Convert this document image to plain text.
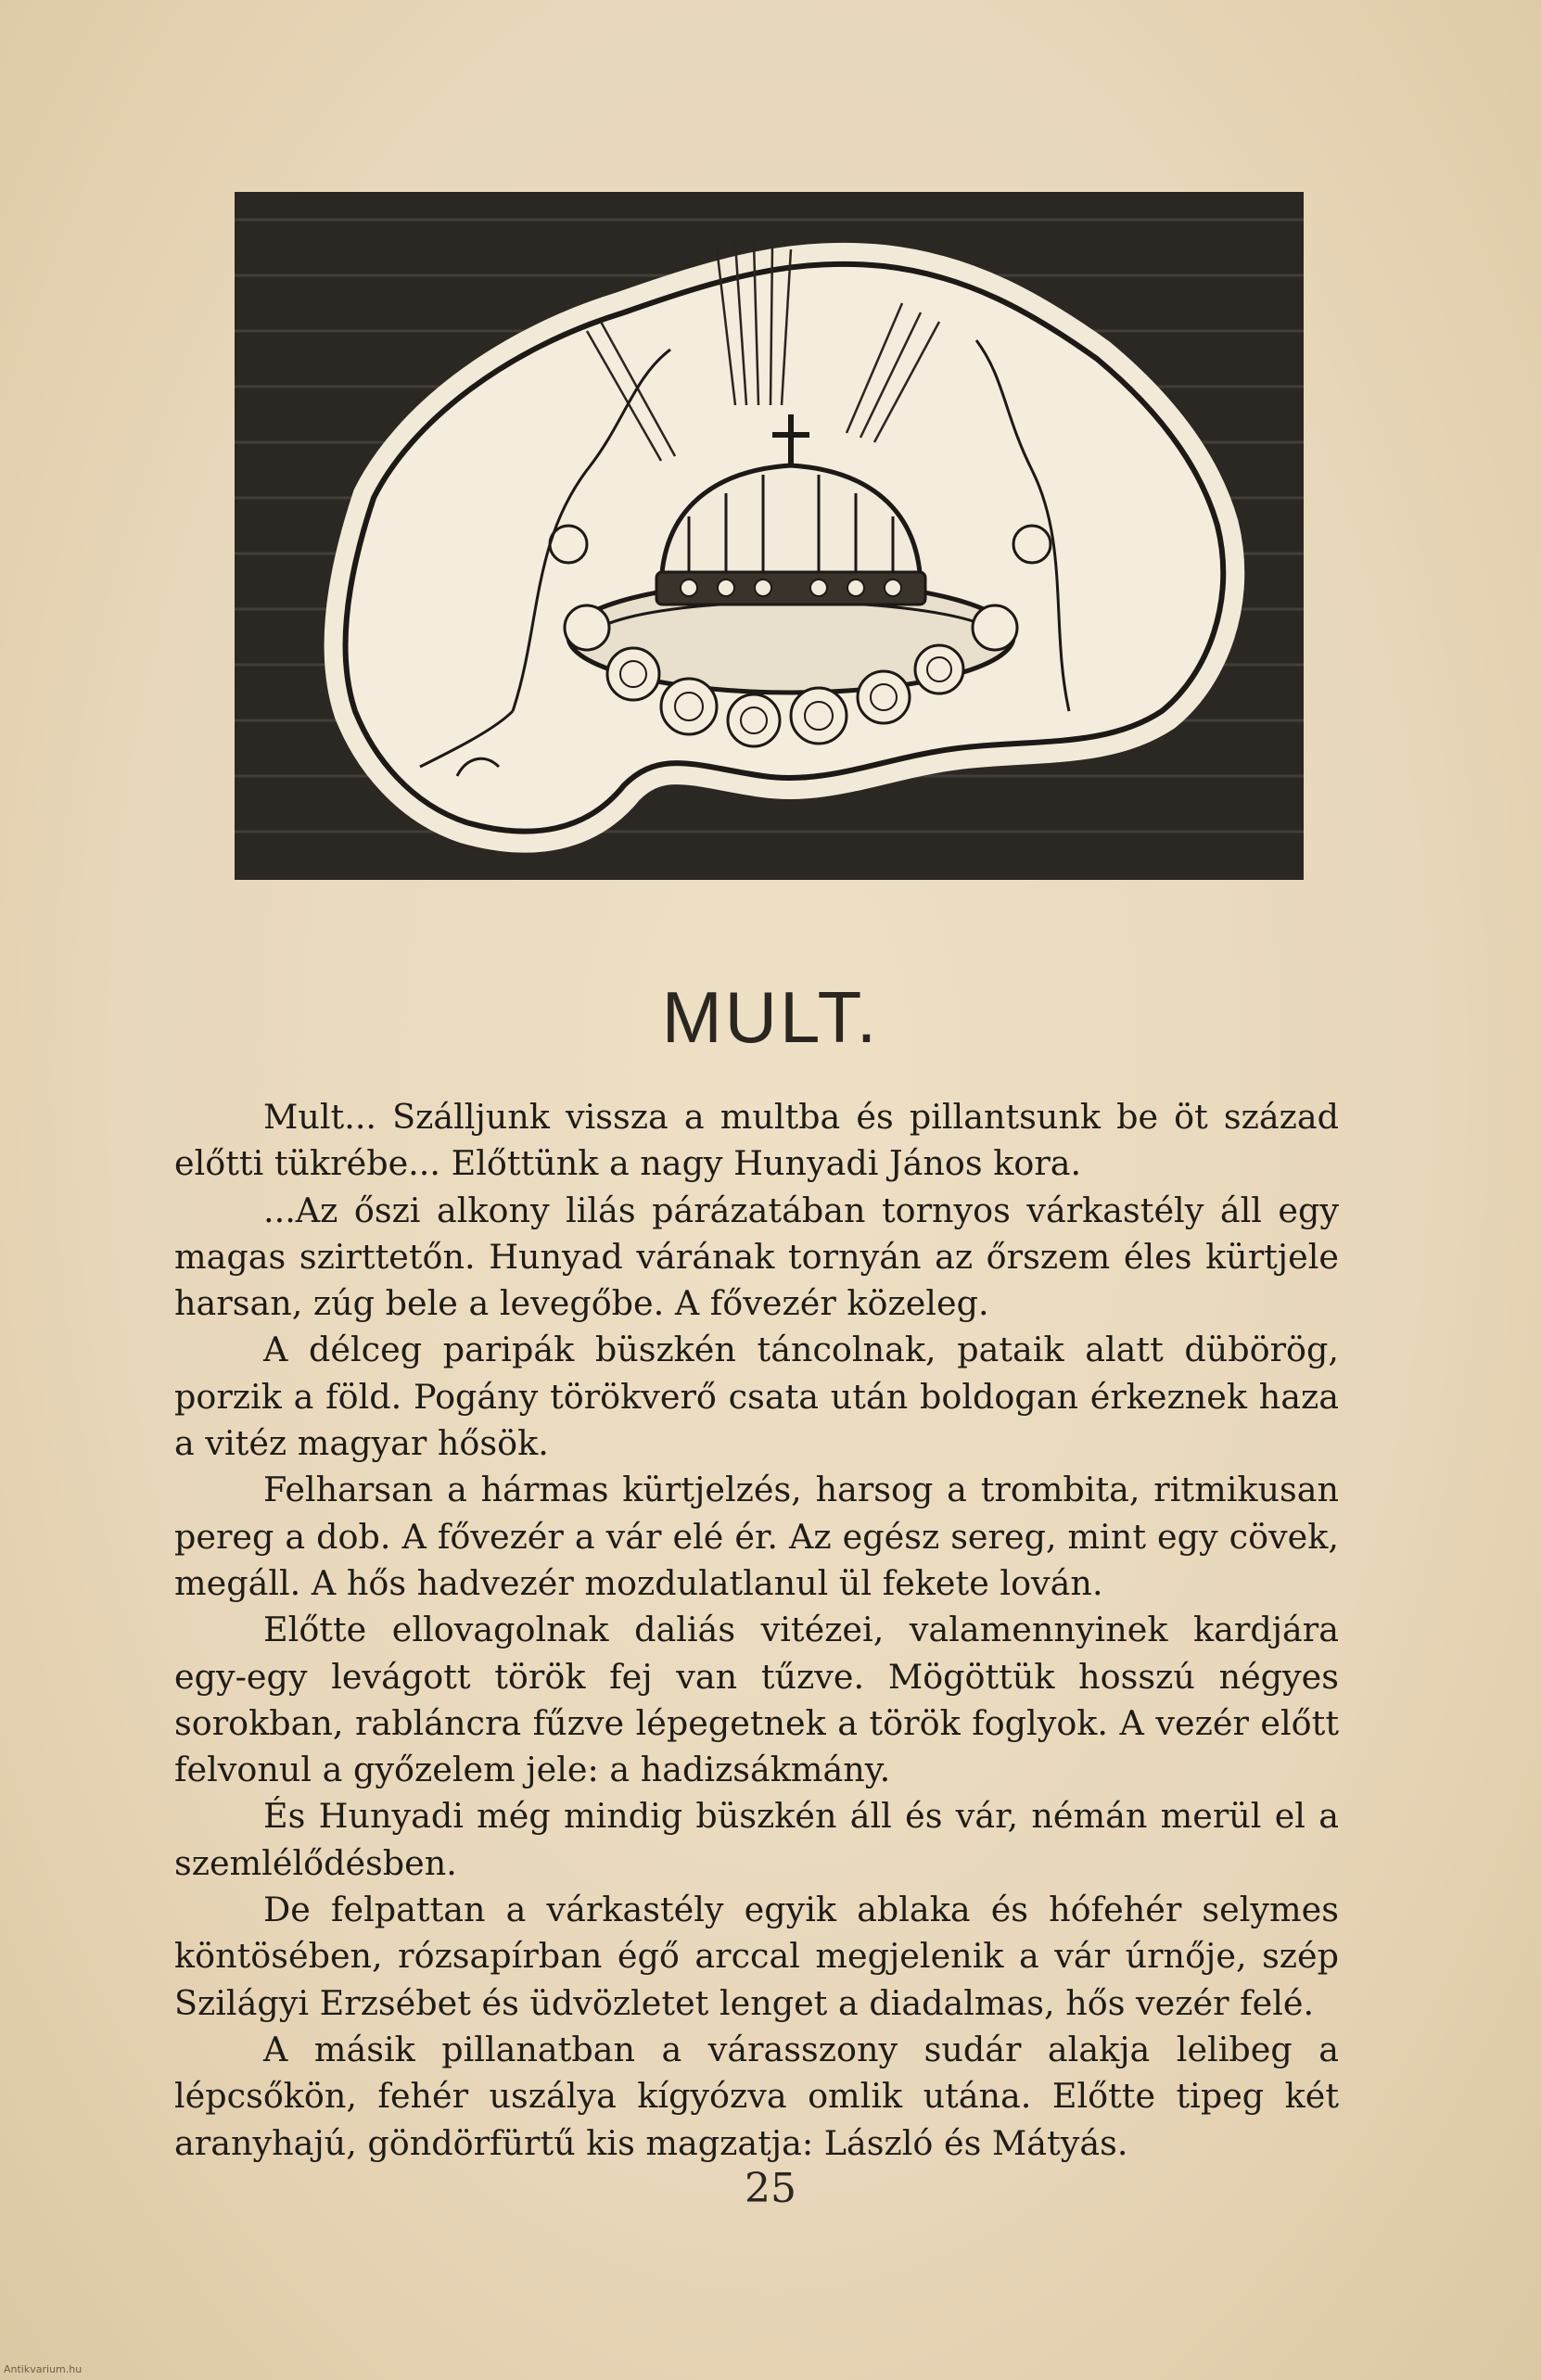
MULT.

Mult... Szálljunk vissza a multba és pillantsunk be öt század előtti tükrébe... Előttünk a nagy Hunyadi János kora.

...Az őszi alkony lilás párázatában tornyos várkastély áll egy magas szirttetőn. Hunyad várának tornyán az őrszem éles kürtjele harsan, zúg bele a levegőbe. A fővezér közeleg.

A délceg paripák büszkén táncolnak, pataik alatt dübörög, porzik a föld. Pogány törökverő csata után boldogan érkeznek haza a vitéz magyar hősök.

Felharsan a hármas kürtjelzés, harsog a trombita, ritmikusan pereg a dob. A fővezér a vár elé ér. Az egész sereg, mint egy cövek, megáll. A hős hadvezér mozdulatlanul ül fekete lován.

Előtte ellovagolnak daliás vitézei, valamennyinek kardjára egy-egy levágott török fej van tűzve. Mögöttük hosszú négyes sorokban, rabláncra fűzve lépegetnek a török foglyok. A vezér előtt felvonul a győzelem jele: a hadizsákmány.

És Hunyadi még mindig büszkén áll és vár, némán merül el a szemlélődésben.

De felpattan a várkastély egyik ablaka és hófehér selymes köntösében, rózsapírban égő arccal megjelenik a vár úrnője, szép Szilágyi Erzsébet és üdvözletet lenget a diadalmas, hős vezér felé.

A másik pillanatban a várasszony sudár alakja lelibeg a lépcsőkön, fehér uszálya kígyózva omlik utána. Előtte tipeg két aranyhajú, göndörfürtű kis magzatja: László és Mátyás.

25
Antikvarium.hu
